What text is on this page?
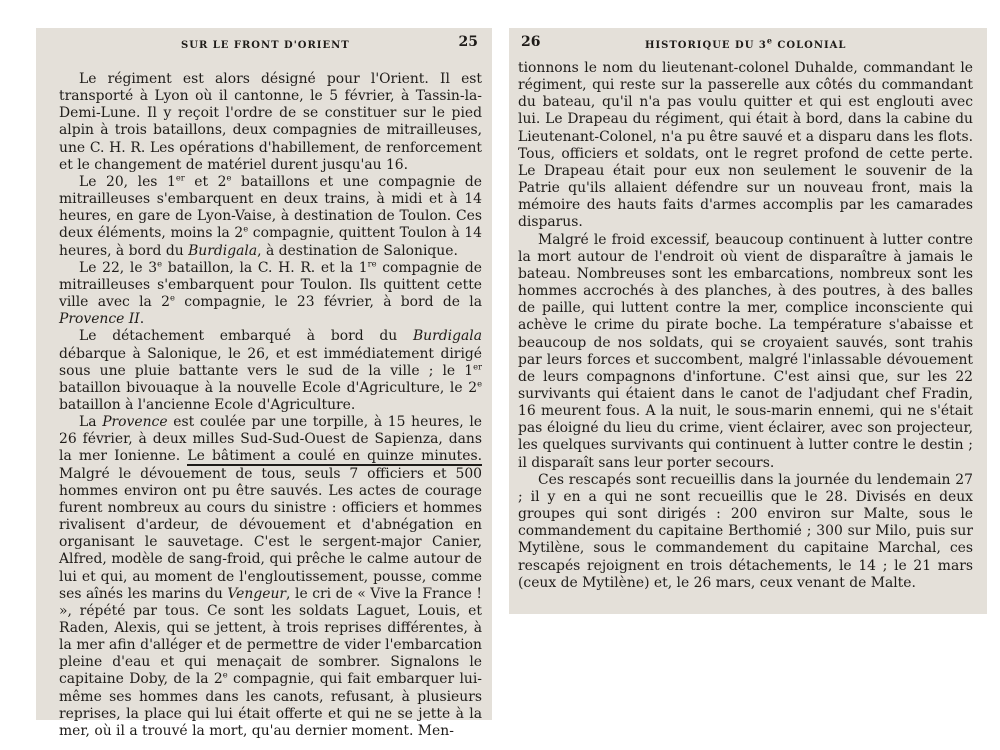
SUR LE FRONT D'ORIENT	25

Le régiment est alors désigné pour l'Orient. Il est transporté à Lyon où il cantonne, le 5 février, à Tassin-la-Demi-Lune. Il y reçoit l'ordre de se constituer sur le pied alpin à trois bataillons, deux compagnies de mitrailleuses, une C. H. R. Les opérations d'habillement, de renforcement et le changement de matériel durent jusqu'au 16.

Le 20, les 1er et 2e bataillons et une compagnie de mitrailleuses s'embarquent en deux trains, à midi et à 14 heures, en gare de Lyon-Vaise, à destination de Toulon. Ces deux éléments, moins la 2e compagnie, quittent Toulon à 14 heures, à bord du Burdigala, à destination de Salonique.

Le 22, le 3e bataillon, la C. H. R. et la 1re compagnie de mitrailleuses s'embarquent pour Toulon. Ils quittent cette ville avec la 2e compagnie, le 23 février, à bord de la Provence II.

Le détachement embarqué à bord du Burdigala débarque à Salonique, le 26, et est immédiatement dirigé sous une pluie battante vers le sud de la ville ; le 1er bataillon bivouaque à la nouvelle Ecole d'Agriculture, le 2e bataillon à l'ancienne Ecole d'Agriculture.

La Provence est coulée par une torpille, à 15 heures, le 26 février, à deux milles Sud-Sud-Ouest de Sapienza, dans la mer Ionienne. Le bâtiment a coulé en quinze minutes. Malgré le dévouement de tous, seuls 7 officiers et 500 hommes environ ont pu être sauvés. Les actes de courage furent nombreux au cours du sinistre : officiers et hommes rivalisent d'ardeur, de dévouement et d'abnégation en organisant le sauvetage. C'est le sergent-major Canier, Alfred, modèle de sang-froid, qui prêche le calme autour de lui et qui, au moment de l'engloutissement, pousse, comme ses aînés les marins du Vengeur, le cri de « Vive la France ! », répété par tous. Ce sont les soldats Laguet, Louis, et Raden, Alexis, qui se jettent, à trois reprises différentes, à la mer afin d'alléger et de permettre de vider l'embarcation pleine d'eau et qui menaçait de sombrer. Signalons le capitaine Doby, de la 2e compagnie, qui fait embarquer lui-même ses hommes dans les canots, refusant, à plusieurs reprises, la place qui lui était offerte et qui ne se jette à la mer, où il a trouvé la mort, qu'au dernier moment. Men-

26	HISTORIQUE DU 3e COLONIAL

tionnons le nom du lieutenant-colonel Duhalde, commandant le régiment, qui reste sur la passerelle aux côtés du commandant du bateau, qu'il n'a pas voulu quitter et qui est englouti avec lui. Le Drapeau du régiment, qui était à bord, dans la cabine du Lieutenant-Colonel, n'a pu être sauvé et a disparu dans les flots. Tous, officiers et soldats, ont le regret profond de cette perte. Le Drapeau était pour eux non seulement le souvenir de la Patrie qu'ils allaient défendre sur un nouveau front, mais la mémoire des hauts faits d'armes accomplis par les camarades disparus.

Malgré le froid excessif, beaucoup continuent à lutter contre la mort autour de l'endroit où vient de disparaître à jamais le bateau. Nombreuses sont les embarcations, nombreux sont les hommes accrochés à des planches, à des poutres, à des balles de paille, qui luttent contre la mer, complice inconsciente qui achève le crime du pirate boche. La température s'abaisse et beaucoup de nos soldats, qui se croyaient sauvés, sont trahis par leurs forces et succombent, malgré l'inlassable dévouement de leurs compagnons d'infortune. C'est ainsi que, sur les 22 survivants qui étaient dans le canot de l'adjudant chef Fradin, 16 meurent fous. A la nuit, le sous-marin ennemi, qui ne s'était pas éloigné du lieu du crime, vient éclairer, avec son projecteur, les quelques survivants qui continuent à lutter contre le destin ; il disparaît sans leur porter secours.

Ces rescapés sont recueillis dans la journée du lendemain 27 ; il y en a qui ne sont recueillis que le 28. Divisés en deux groupes qui sont dirigés : 200 environ sur Malte, sous le commandement du capitaine Berthomié ; 300 sur Milo, puis sur Mytilène, sous le commandement du capitaine Marchal, ces rescapés rejoignent en trois détachements, le 14 ; le 21 mars (ceux de Mytilène) et, le 26 mars, ceux venant de Malte.
